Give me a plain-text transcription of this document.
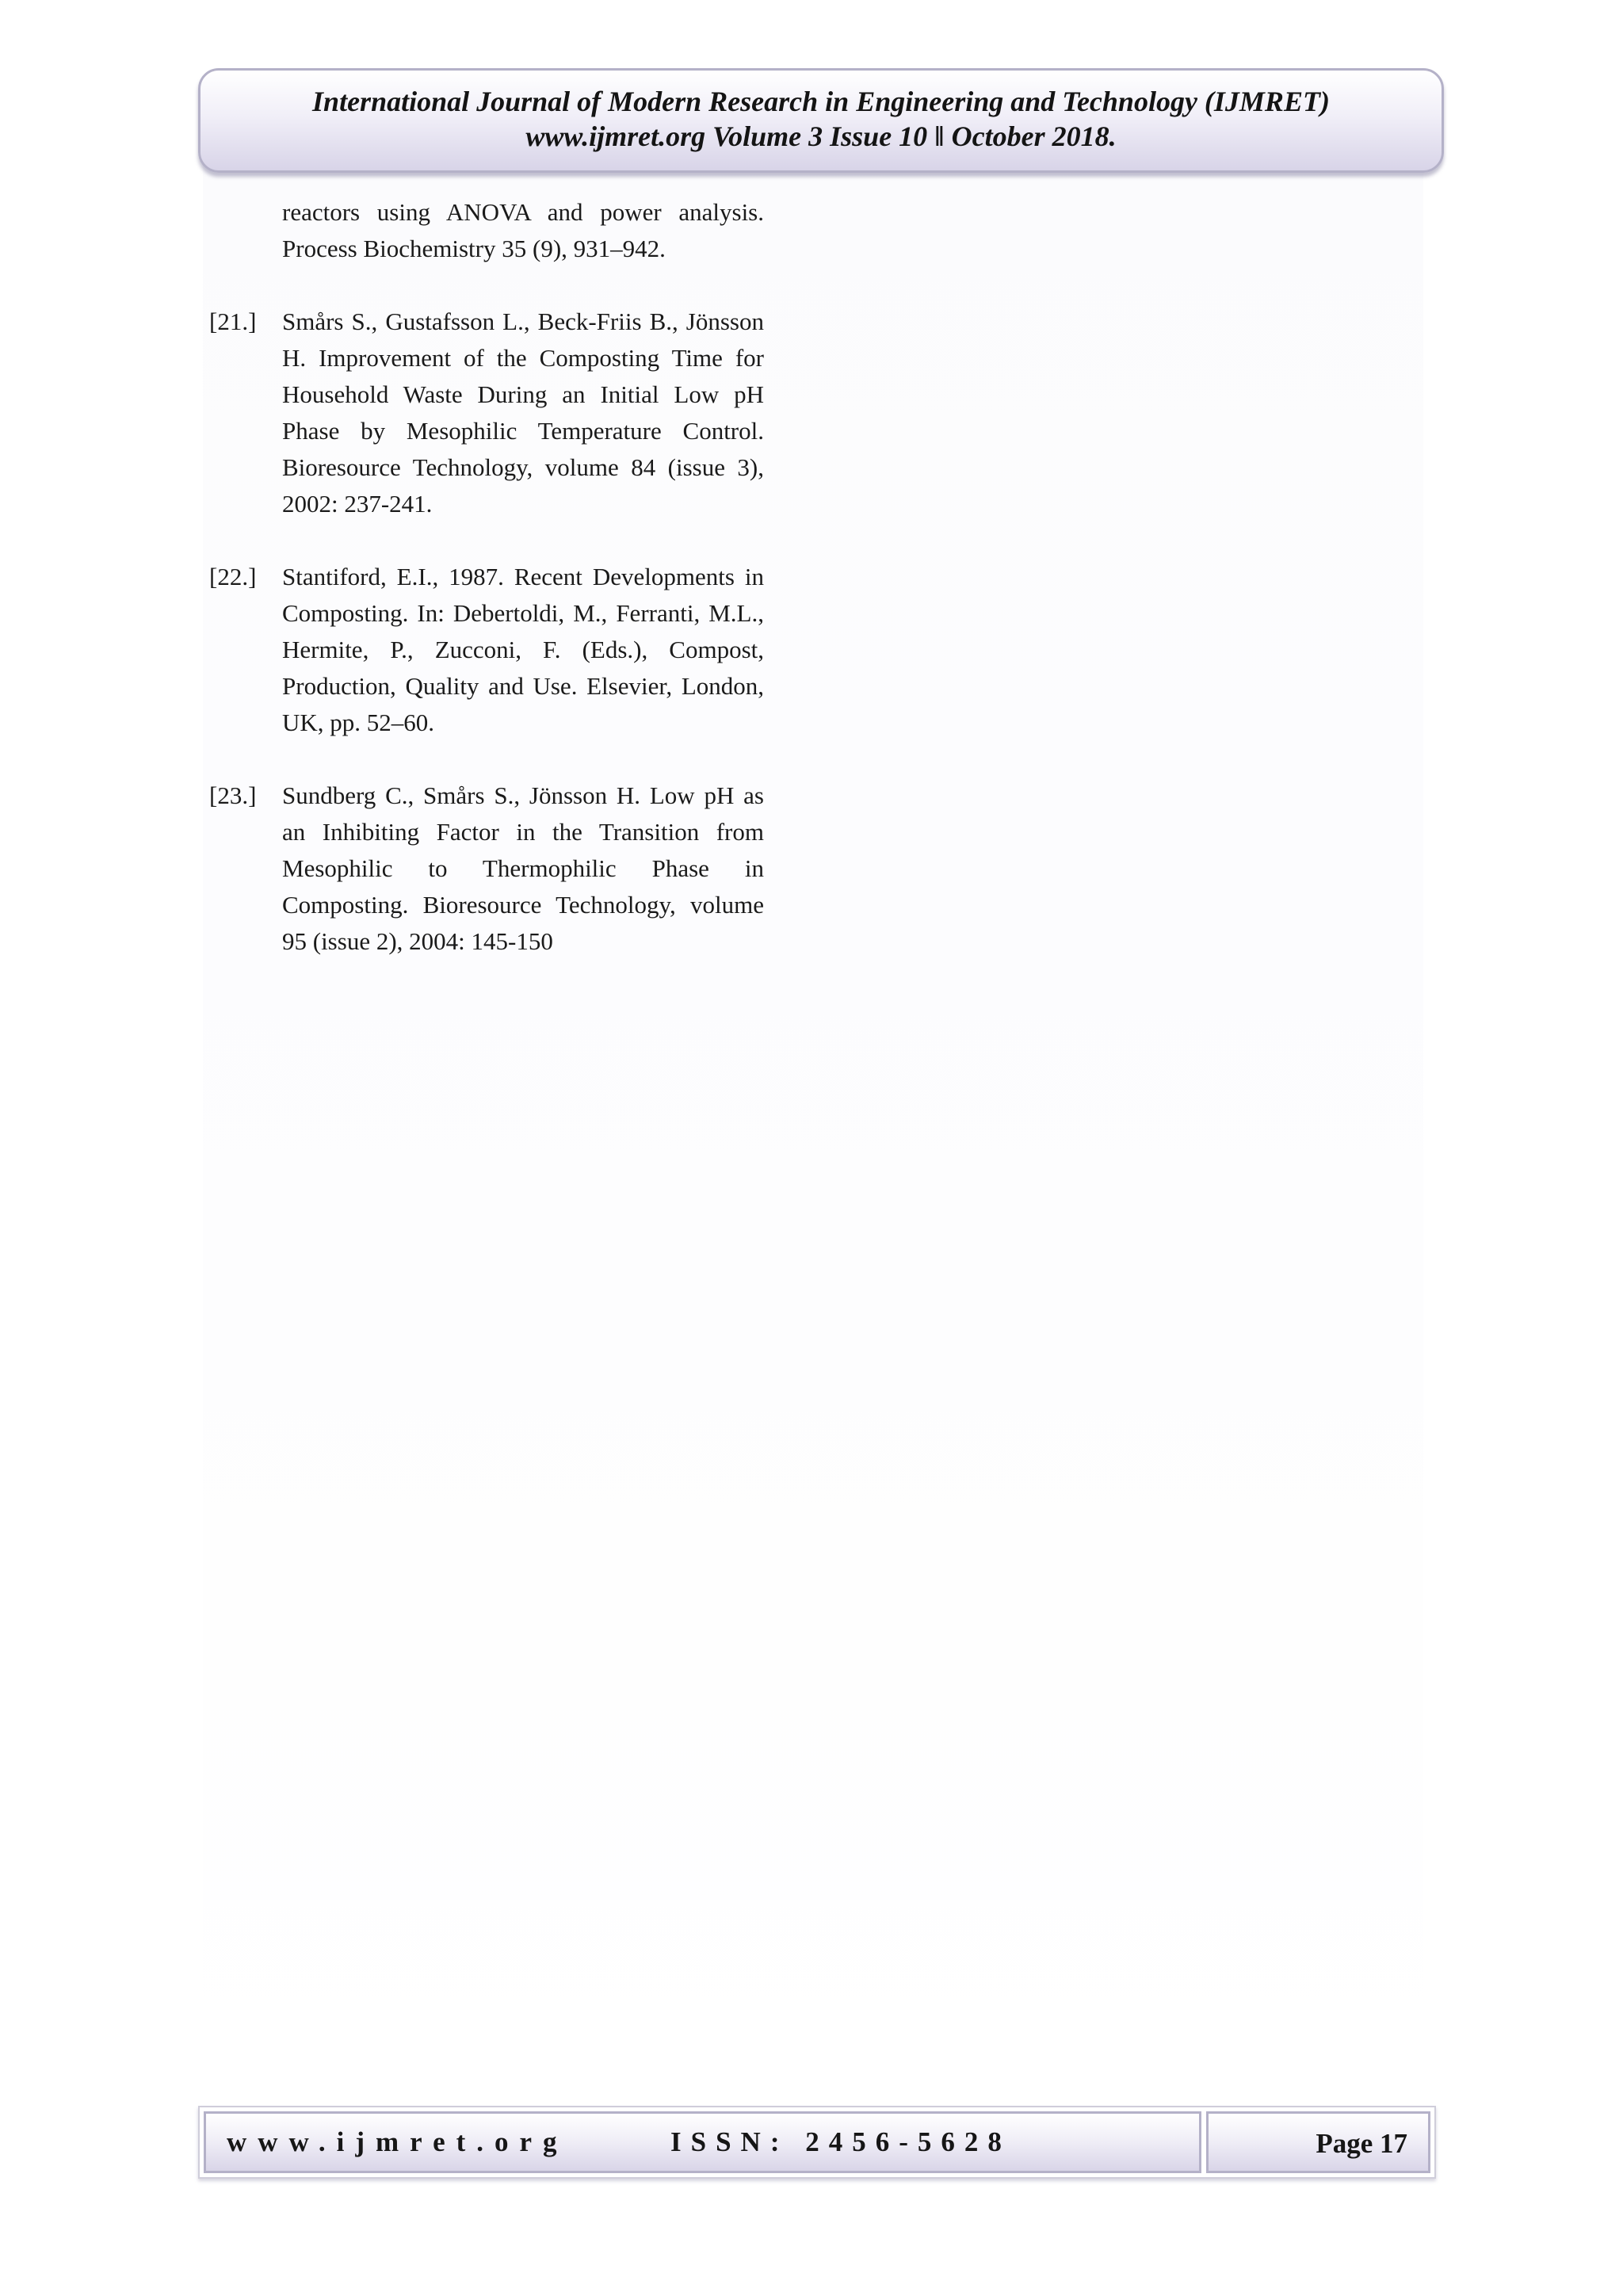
International Journal of Modern Research in Engineering and Technology (IJMRET)
www.ijmret.org Volume 3 Issue 10 ǁ October 2018.
reactors using ANOVA and power analysis. Process Biochemistry 35 (9), 931–942.
[21.]	Smårs S., Gustafsson L., Beck-Friis B., Jönsson H. Improvement of the Composting Time for Household Waste During an Initial Low pH Phase by Mesophilic Temperature Control. Bioresource Technology, volume 84 (issue 3), 2002: 237-241.
[22.]	Stantiford, E.I., 1987. Recent Developments in Composting. In: Debertoldi, M., Ferranti, M.L., Hermite, P., Zucconi, F. (Eds.), Compost, Production, Quality and Use. Elsevier, London, UK, pp. 52–60.
[23.]	Sundberg C., Smårs S., Jönsson H. Low pH as an Inhibiting Factor in the Transition from Mesophilic to Thermophilic Phase in Composting. Bioresource Technology, volume 95 (issue 2), 2004: 145-150
www.ijmret.org	ISSN: 2456-5628	Page 17
